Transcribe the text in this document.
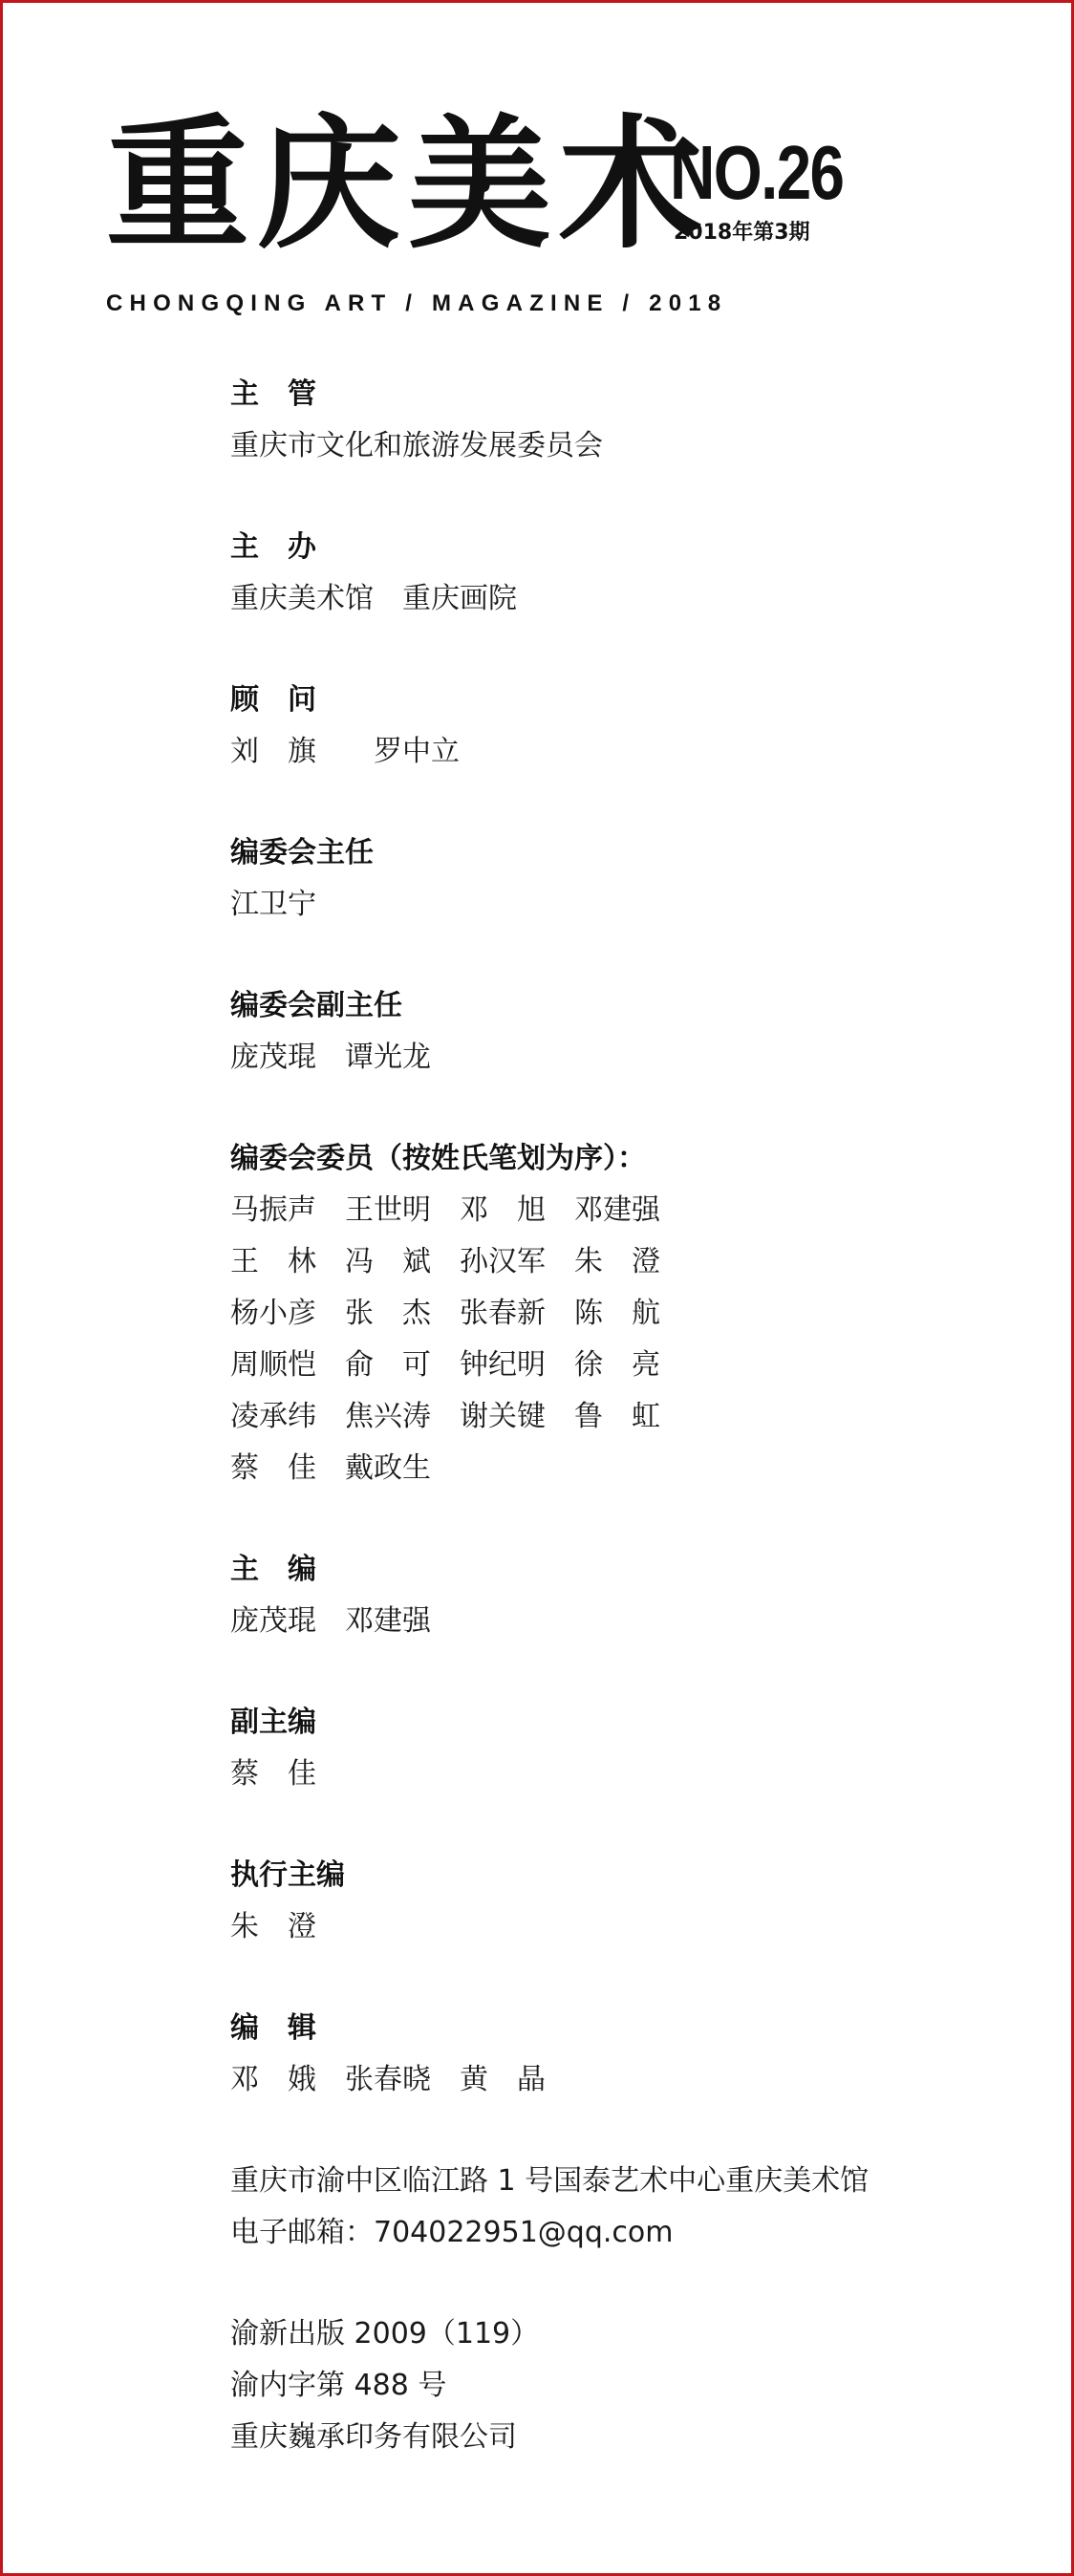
重庆美术
NO.26
2018年第3期
CHONGQING ART / MAGAZINE / 2018
主　管
重庆市文化和旅游发展委员会
主　办
重庆美术馆　重庆画院
顾　问
刘　旗　　罗中立
编委会主任
江卫宁
编委会副主任
庞茂琨　谭光龙
编委会委员（按姓氏笔划为序）：
马振声　王世明　邓　旭　邓建强
王　林　冯　斌　孙汉军　朱　澄
杨小彦　张　杰　张春新　陈　航
周顺恺　俞　可　钟纪明　徐　亮
凌承纬　焦兴涛　谢关键　鲁　虹
蔡　佳　戴政生
主　编
庞茂琨　邓建强
副主编
蔡　佳
执行主编
朱　澄
编　辑
邓　娥　张春晓　黄　晶
重庆市渝中区临江路 1 号国泰艺术中心重庆美术馆
电子邮箱：704022951@qq.com
渝新出版 2009（119）
渝内字第 488 号
重庆巍承印务有限公司
